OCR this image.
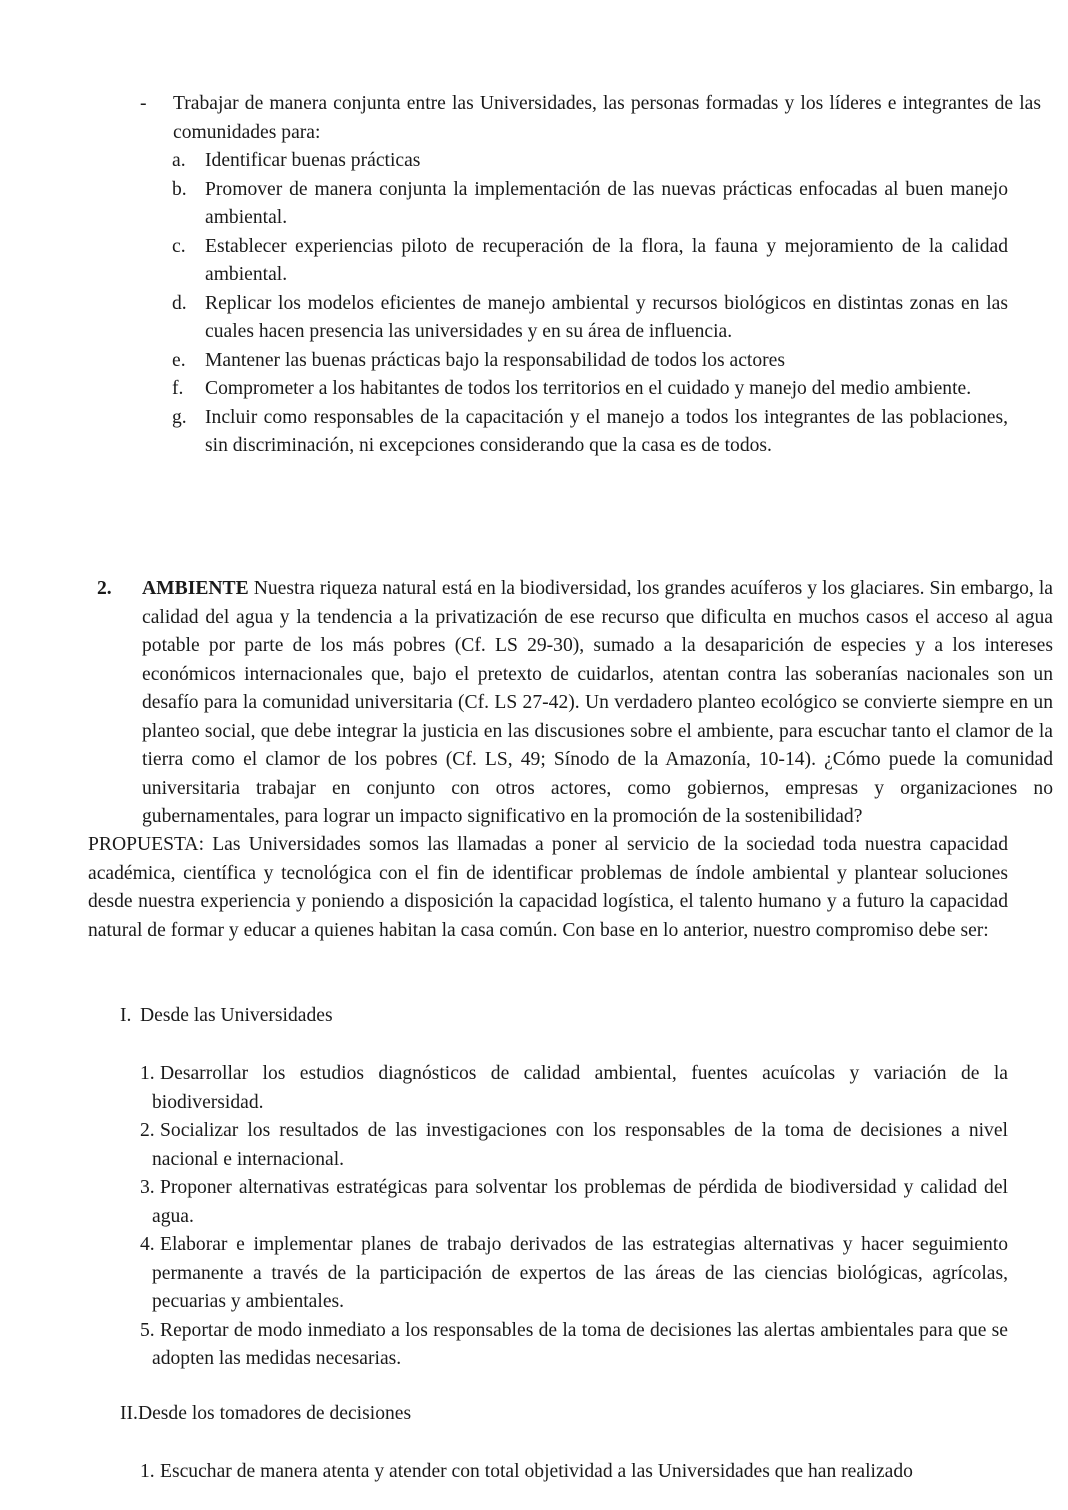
- Trabajar de manera conjunta entre las Universidades, las personas formadas y los líderes e integrantes de las comunidades para:
a. Identificar buenas prácticas
b. Promover de manera conjunta la implementación de las nuevas prácticas enfocadas al buen manejo ambiental.
c. Establecer experiencias piloto de recuperación de la flora, la fauna y mejoramiento de la calidad ambiental.
d. Replicar los modelos eficientes de manejo ambiental y recursos biológicos en distintas zonas en las cuales hacen presencia las universidades y en su área de influencia.
e. Mantener las buenas prácticas bajo la responsabilidad de todos los actores
f. Comprometer a los habitantes de todos los territorios en el cuidado y manejo del medio ambiente.
g. Incluir como responsables de la capacitación y el manejo a todos los integrantes de las poblaciones, sin discriminación, ni excepciones considerando que la casa es de todos.
2. AMBIENTE Nuestra riqueza natural está en la biodiversidad, los grandes acuíferos y los glaciares. Sin embargo, la calidad del agua y la tendencia a la privatización de ese recurso que dificulta en muchos casos el acceso al agua potable por parte de los más pobres (Cf. LS 29-30), sumado a la desaparición de especies y a los intereses económicos internacionales que, bajo el pretexto de cuidarlos, atentan contra las soberanías nacionales son un desafío para la comunidad universitaria (Cf. LS 27-42). Un verdadero planteo ecológico se convierte siempre en un planteo social, que debe integrar la justicia en las discusiones sobre el ambiente, para escuchar tanto el clamor de la tierra como el clamor de los pobres (Cf. LS, 49; Sínodo de la Amazonía, 10-14). ¿Cómo puede la comunidad universitaria trabajar en conjunto con otros actores, como gobiernos, empresas y organizaciones no gubernamentales, para lograr un impacto significativo en la promoción de la sostenibilidad?

PROPUESTA: Las Universidades somos las llamadas a poner al servicio de la sociedad toda nuestra capacidad académica, científica y tecnológica con el fin de identificar problemas de índole ambiental y plantear soluciones desde nuestra experiencia y poniendo a disposición la capacidad logística, el talento humano y a futuro la capacidad natural de formar y educar a quienes habitan la casa común. Con base en lo anterior, nuestro compromiso debe ser:

I. Desde las Universidades

1. Desarrollar los estudios diagnósticos de calidad ambiental, fuentes acuícolas y variación de la biodiversidad.

2. Socializar los resultados de las investigaciones con los responsables de la toma de decisiones a nivel nacional e internacional.

3. Proponer alternativas estratégicas para solventar los problemas de pérdida de biodiversidad y calidad del agua.

4. Elaborar e implementar planes de trabajo derivados de las estrategias alternativas y hacer seguimiento permanente a través de la participación de expertos de las áreas de las ciencias biológicas, agrícolas, pecuarias y ambientales.

5. Reportar de modo inmediato a los responsables de la toma de decisiones las alertas ambientales para que se adopten las medidas necesarias.

II.Desde los tomadores de decisiones

1. Escuchar de manera atenta y atender con total objetividad a las Universidades que han realizado
